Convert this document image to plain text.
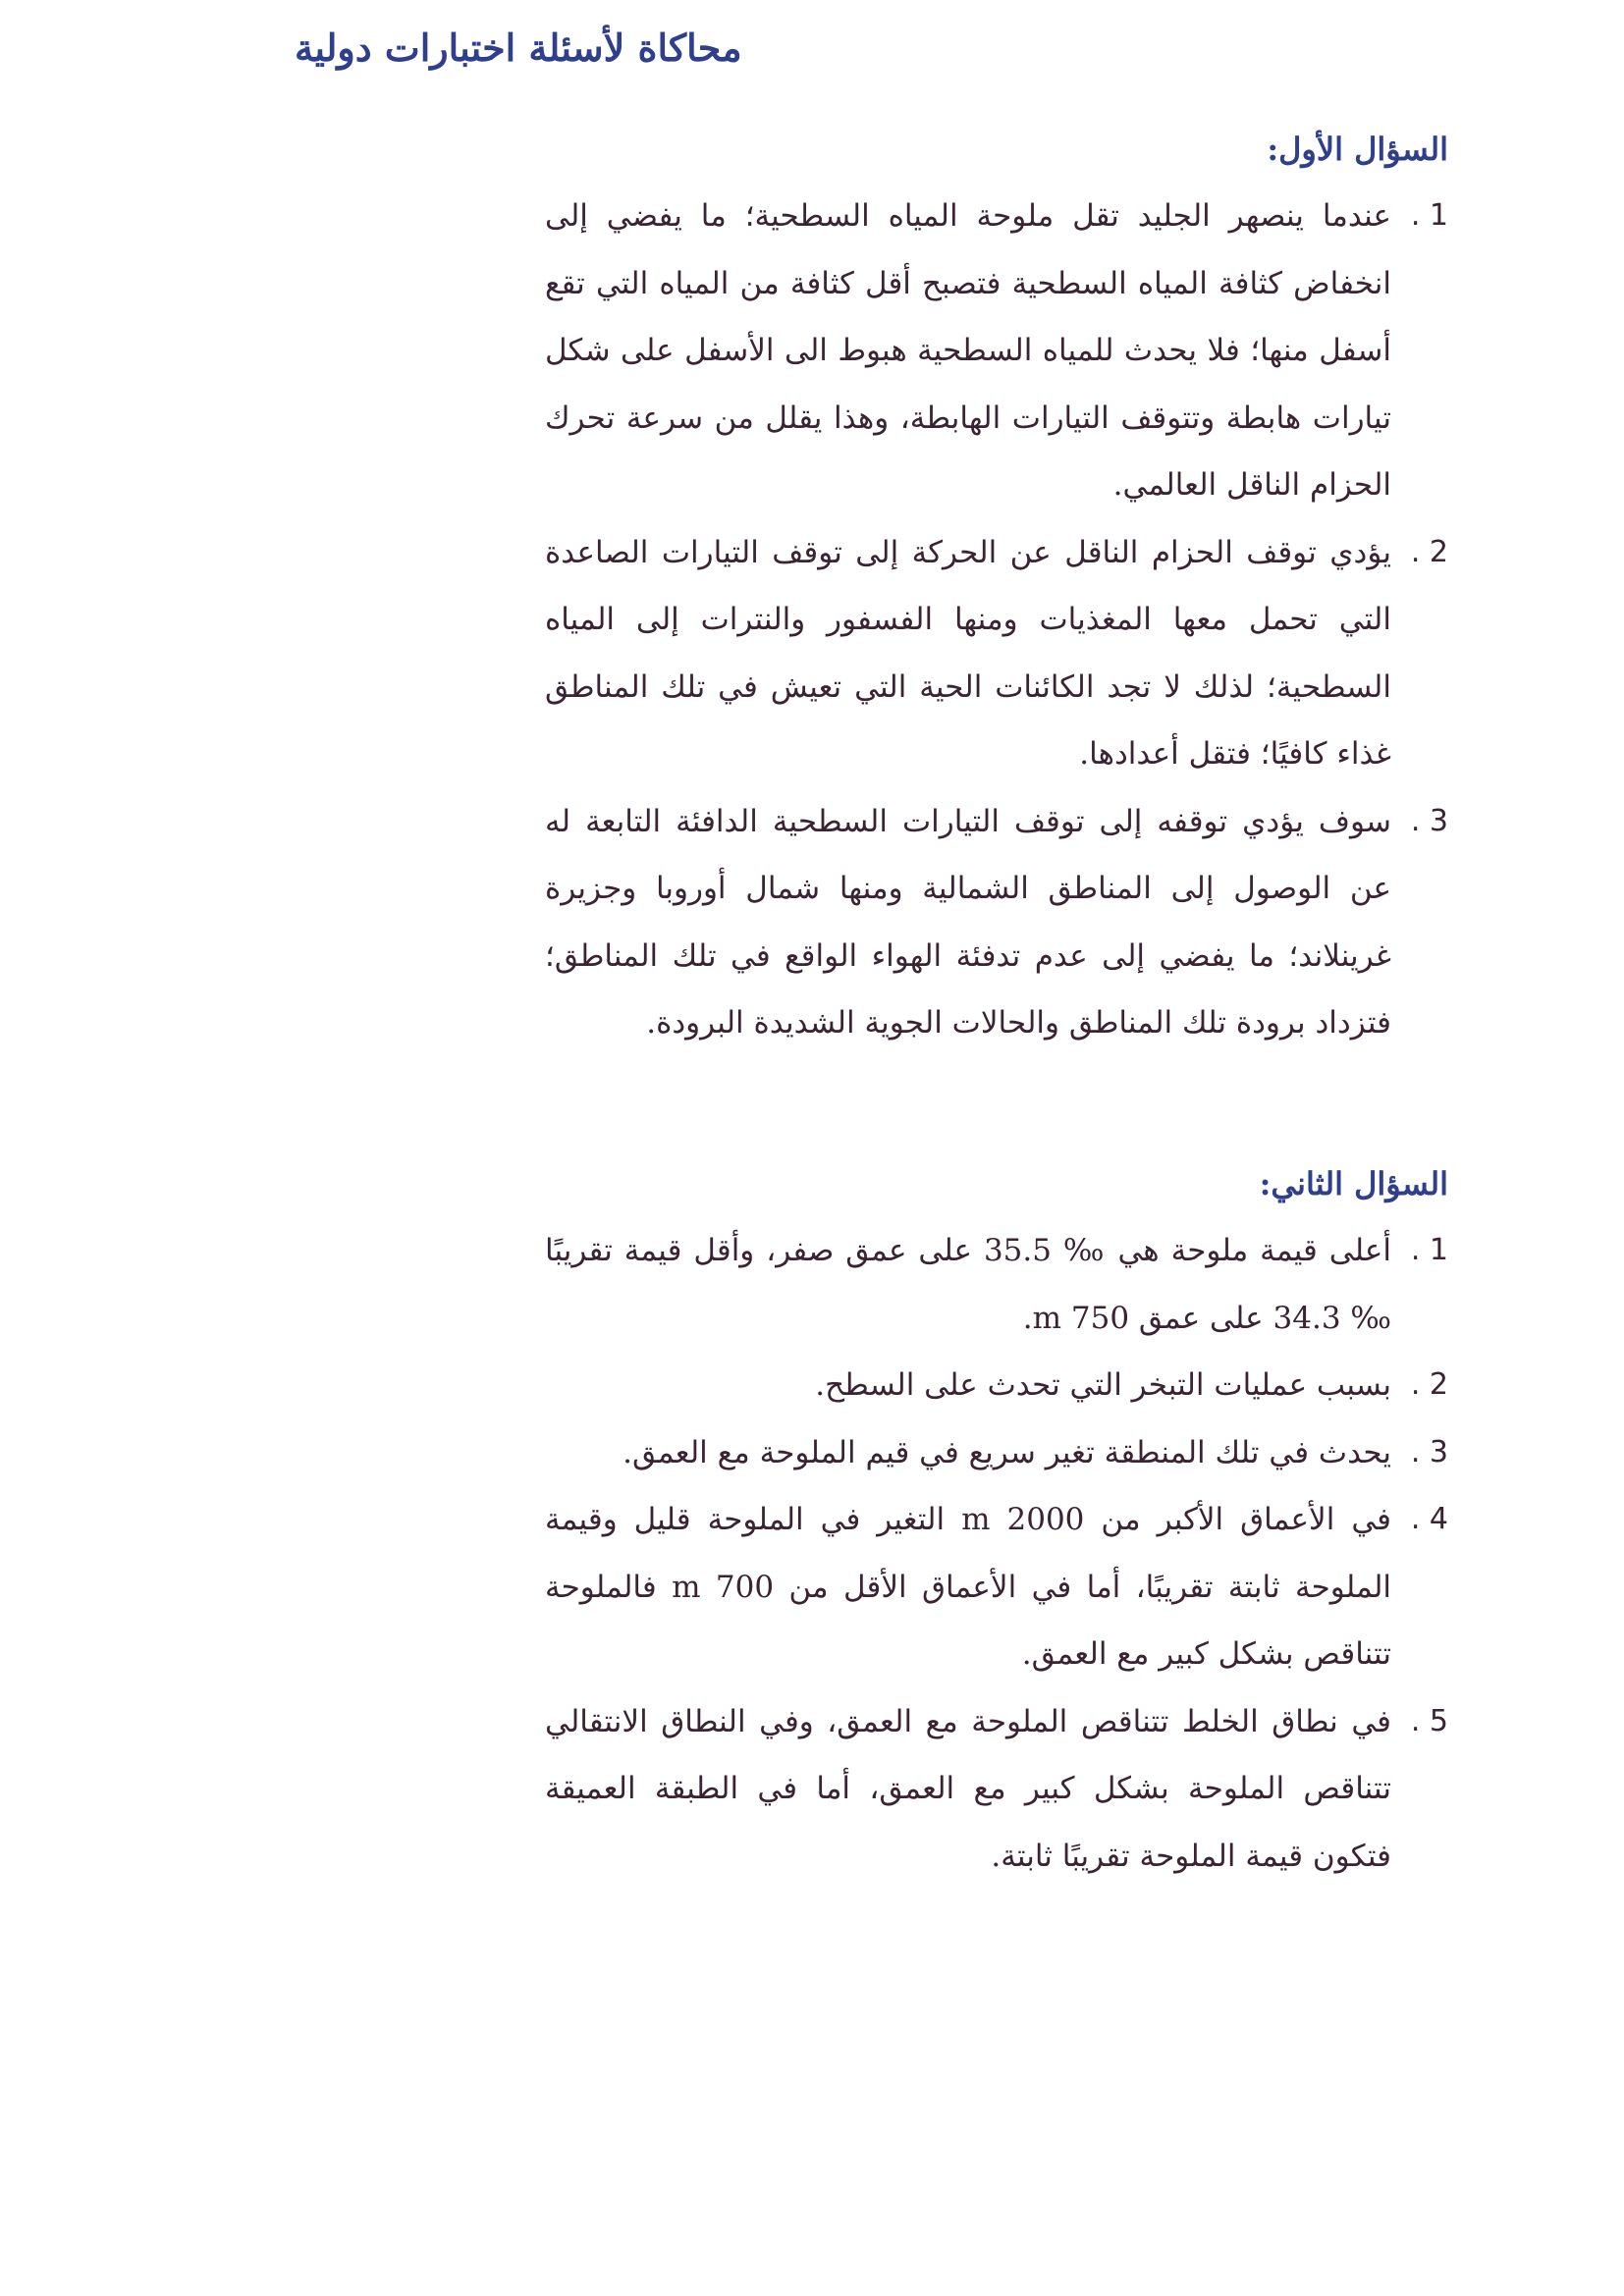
محاكاة لأسئلة اختبارات دولية
السؤال الأول:
1 .
عندما ينصهر الجليد تقل ملوحة المياه السطحية؛ ما يفضي إلى انخفاض كثافة المياه السطحية فتصبح أقل كثافة من المياه التي تقع أسفل منها؛ فلا يحدث للمياه السطحية هبوط الى الأسفل على شكل تيارات هابطة وتتوقف التيارات الهابطة، وهذا يقلل من سرعة تحرك الحزام الناقل العالمي.
2 .
يؤدي توقف الحزام الناقل عن الحركة إلى توقف التيارات الصاعدة التي تحمل معها المغذيات ومنها الفسفور والنترات إلى المياه السطحية؛ لذلك لا تجد الكائنات الحية التي تعيش في تلك المناطق غذاء كافيًا؛ فتقل أعدادها.
3 .
سوف يؤدي توقفه إلى توقف التيارات السطحية الدافئة التابعة له عن الوصول إلى المناطق الشمالية ومنها شمال أوروبا وجزيرة غرينلاند؛ ما يفضي إلى عدم تدفئة الهواء الواقع في تلك المناطق؛ فتزداد برودة تلك المناطق والحالات الجوية الشديدة البرودة.
السؤال الثاني:
1 .
أعلى قيمة ملوحة هي ‰ 35.5 على عمق صفر، وأقل قيمة تقريبًا ‰ 34.3 على عمق 750 m.
2 .
بسبب عمليات التبخر التي تحدث على السطح.
3 .
يحدث في تلك المنطقة تغير سريع في قيم الملوحة مع العمق.
4 .
في الأعماق الأكبر من 2000 m التغير في الملوحة قليل وقيمة الملوحة ثابتة تقريبًا، أما في الأعماق الأقل من 700 m فالملوحة تتناقص بشكل كبير مع العمق.
5 .
في نطاق الخلط تتناقص الملوحة مع العمق، وفي النطاق الانتقالي تتناقص الملوحة بشكل كبير مع العمق، أما في الطبقة العميقة فتكون قيمة الملوحة تقريبًا ثابتة.
